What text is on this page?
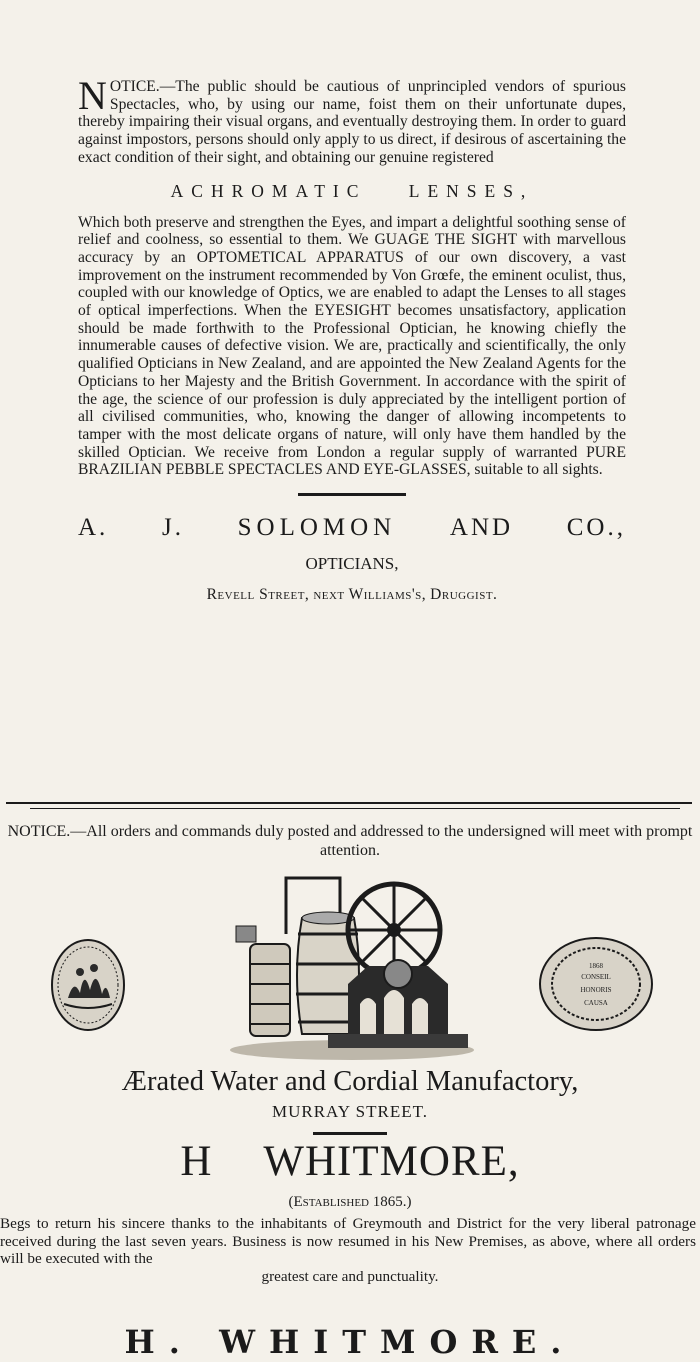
NOTICE.—The public should be cautious of unprincipled vendors of spurious Spectacles, who, by using our name, foist them on their unfortunate dupes, thereby impairing their visual organs, and eventually destroying them. In order to guard against impostors, persons should only apply to us direct, if desirous of ascertaining the exact condition of their sight, and obtaining our genuine registered

ACHROMATIC LENSES,

Which both preserve and strengthen the Eyes, and impart a delightful soothing sense of relief and coolness, so essential to them. We GUAGE THE SIGHT with marvellous accuracy by an OPTOMETICAL APPARATUS of our own discovery, a vast improvement on the instrument recommended by Von Grœfe, the eminent oculist, thus, coupled with our knowledge of Optics, we are enabled to adapt the Lenses to all stages of optical imperfections. When the EYESIGHT becomes unsatisfactory, application should be made forthwith to the Professional Optician, he knowing chiefly the innumerable causes of defective vision. We are, practically and scientifically, the only qualified Opticians in New Zealand, and are appointed the New Zealand Agents for the Opticians to her Majesty and the British Government. In accordance with the spirit of the age, the science of our profession is duly appreciated by the intelligent portion of all civilised communities, who, knowing the danger of allowing incompetents to tamper with the most delicate organs of nature, will only have them handled by the skilled Optician. We receive from London a regular supply of warranted PURE BRAZILIAN PEBBLE SPECTACLES AND EYE-GLASSES, suitable to all sights.

A. J. SOLOMON AND CO.,
OPTICIANS,
Revell Street, next Williams's, Druggist.
NOTICE.—All orders and commands duly posted and addressed to the undersigned will meet with prompt attention.
1868
CONSEIL
HONORIS
CAUSA
Ærated Water and Cordial Manufactory,
MURRAY STREET.
H WHITMORE,
(Established 1865.)
Begs to return his sincere thanks to the inhabitants of Greymouth and District for the very liberal patronage received during the last seven years. Business is now resumed in his New Premises, as above, where all orders will be executed with the
greatest care and punctuality.
H. WHITMORE.
